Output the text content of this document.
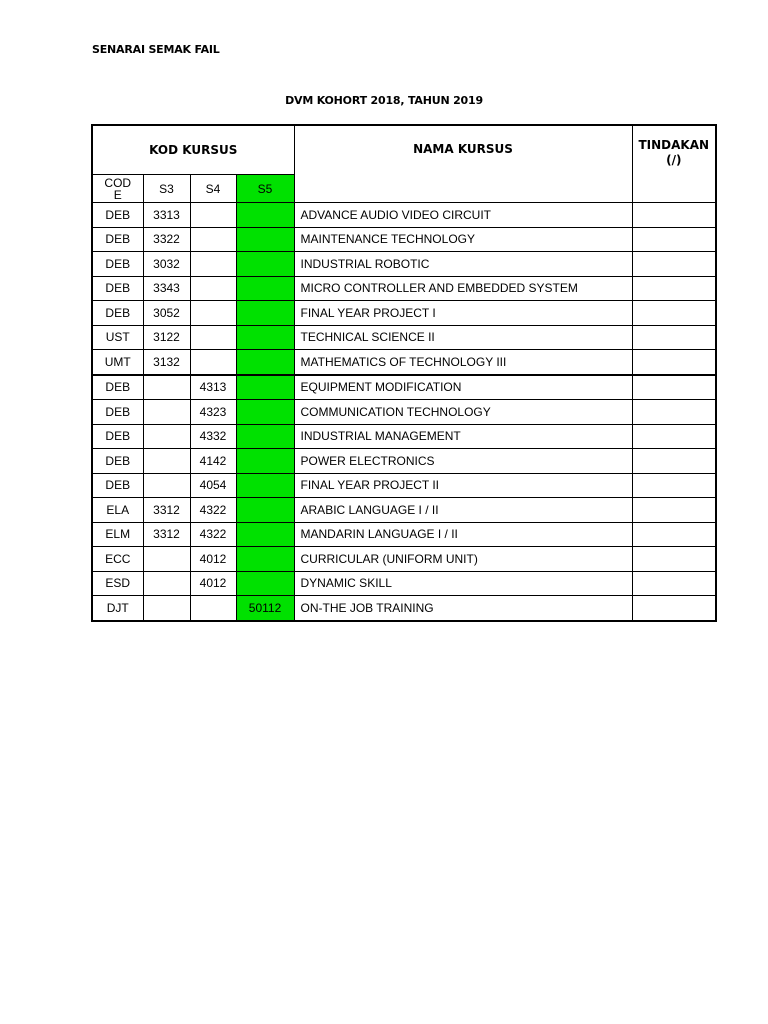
SENARAI SEMAK FAIL
DVM KOHORT 2018, TAHUN 2019
KOD KURSUS				NAMA KURSUS	TINDAKAN
(/)

COD
E	S3	S4	S5		
DEB	3313			ADVANCE AUDIO VIDEO CIRCUIT	
DEB	3322			MAINTENANCE TECHNOLOGY	
DEB	3032			INDUSTRIAL ROBOTIC	
DEB	3343			MICRO CONTROLLER AND EMBEDDED SYSTEM	
DEB	3052			FINAL YEAR PROJECT I	
UST	3122			TECHNICAL SCIENCE II	
UMT	3132			MATHEMATICS OF TECHNOLOGY III	
DEB		4313		EQUIPMENT MODIFICATION	
DEB		4323		COMMUNICATION TECHNOLOGY	
DEB		4332		INDUSTRIAL MANAGEMENT	
DEB		4142		POWER ELECTRONICS	
DEB		4054		FINAL YEAR PROJECT II	
ELA	3312	4322		ARABIC LANGUAGE I / II	
ELM	3312	4322		MANDARIN LANGUAGE I / II	
ECC		4012		CURRICULAR (UNIFORM UNIT)	
ESD		4012		DYNAMIC SKILL	
DJT			50112	ON-THE JOB TRAINING	
